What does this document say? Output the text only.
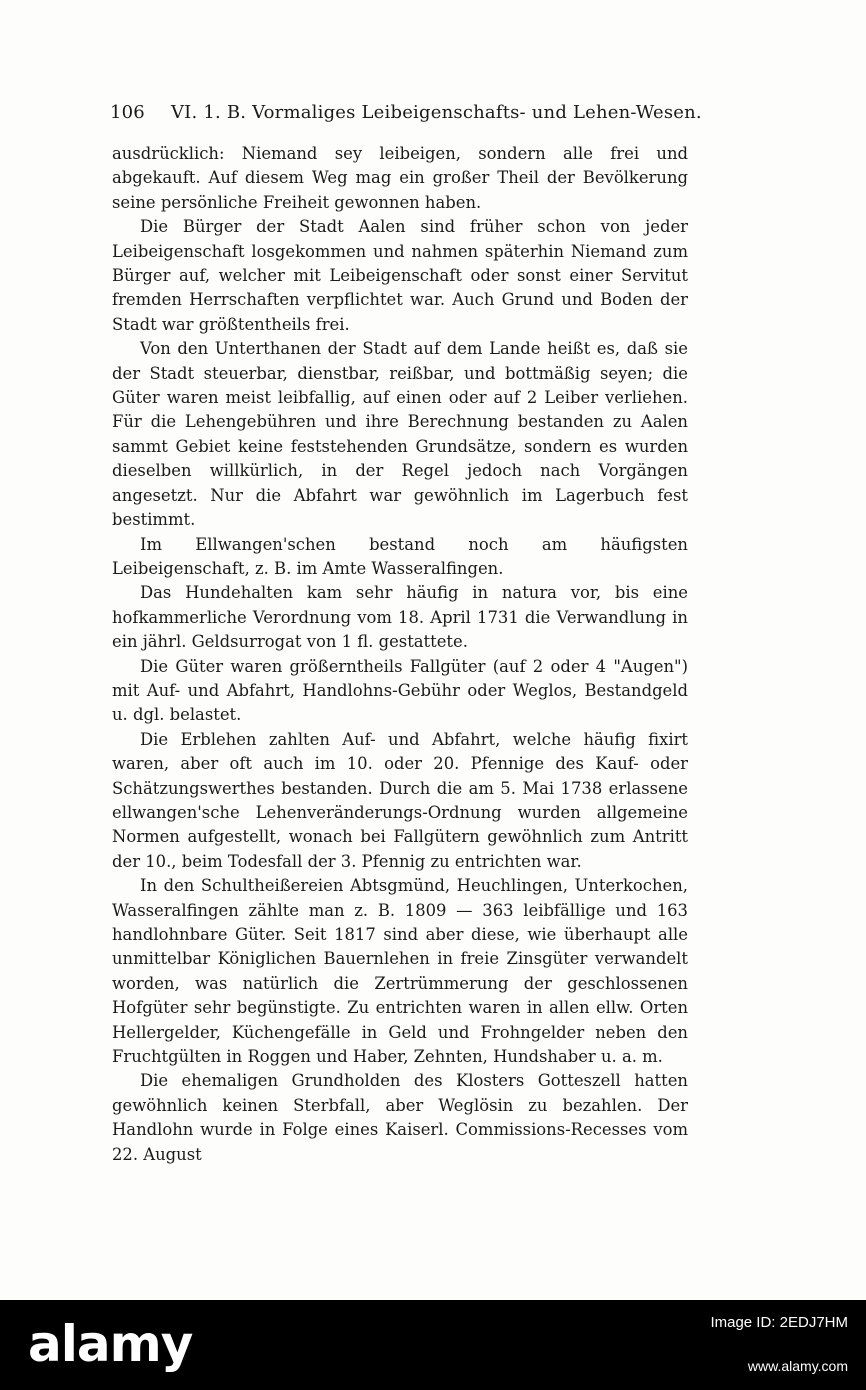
106 VI. 1. B. Vormaliges Leibeigenschafts- und Lehen-Wesen.

ausdrücklich: Niemand sey leibeigen, sondern alle frei und abgekauft. Auf diesem Weg mag ein großer Theil der Bevölkerung seine persönliche Freiheit gewonnen haben.

Die Bürger der Stadt Aalen sind früher schon von jeder Leibeigenschaft losgekommen und nahmen späterhin Niemand zum Bürger auf, welcher mit Leibeigenschaft oder sonst einer Servitut fremden Herrschaften verpflichtet war. Auch Grund und Boden der Stadt war größtentheils frei.

Von den Unterthanen der Stadt auf dem Lande heißt es, daß sie der Stadt steuerbar, dienstbar, reißbar, und bottmäßig seyen; die Güter waren meist leibfallig, auf einen oder auf 2 Leiber verliehen. Für die Lehengebühren und ihre Berechnung bestanden zu Aalen sammt Gebiet keine feststehenden Grundsätze, sondern es wurden dieselben willkürlich, in der Regel jedoch nach Vorgängen angesetzt. Nur die Abfahrt war gewöhnlich im Lagerbuch fest bestimmt.

Im Ellwangen'schen bestand noch am häufigsten Leibeigenschaft, z. B. im Amte Wasseralfingen.

Das Hundehalten kam sehr häufig in natura vor, bis eine hofkammerliche Verordnung vom 18. April 1731 die Verwandlung in ein jährl. Geldsurrogat von 1 fl. gestattete.

Die Güter waren größerntheils Fallgüter (auf 2 oder 4 "Augen") mit Auf- und Abfahrt, Handlohns-Gebühr oder Weglos, Bestandgeld u. dgl. belastet.

Die Erblehen zahlten Auf- und Abfahrt, welche häufig fixirt waren, aber oft auch im 10. oder 20. Pfennige des Kauf- oder Schätzungswerthes bestanden. Durch die am 5. Mai 1738 erlassene ellwangen'sche Lehenveränderungs-Ordnung wurden allgemeine Normen aufgestellt, wonach bei Fallgütern gewöhnlich zum Antritt der 10., beim Todesfall der 3. Pfennig zu entrichten war.

In den Schultheißereien Abtsgmünd, Heuchlingen, Unterkochen, Wasseralfingen zählte man z. B. 1809 — 363 leibfällige und 163 handlohnbare Güter. Seit 1817 sind aber diese, wie überhaupt alle unmittelbar Königlichen Bauernlehen in freie Zinsgüter verwandelt worden, was natürlich die Zertrümmerung der geschlossenen Hofgüter sehr begünstigte. Zu entrichten waren in allen ellw. Orten Hellergelder, Küchengefälle in Geld und Frohngelder neben den Fruchtgülten in Roggen und Haber, Zehnten, Hundshaber u. a. m.

Die ehemaligen Grundholden des Klosters Gotteszell hatten gewöhnlich keinen Sterbfall, aber Weglösin zu bezahlen. Der Handlohn wurde in Folge eines Kaiserl. Commissions-Recesses vom 22. August

alamy	Image ID: 2EDJ7HM
www.alamy.com
